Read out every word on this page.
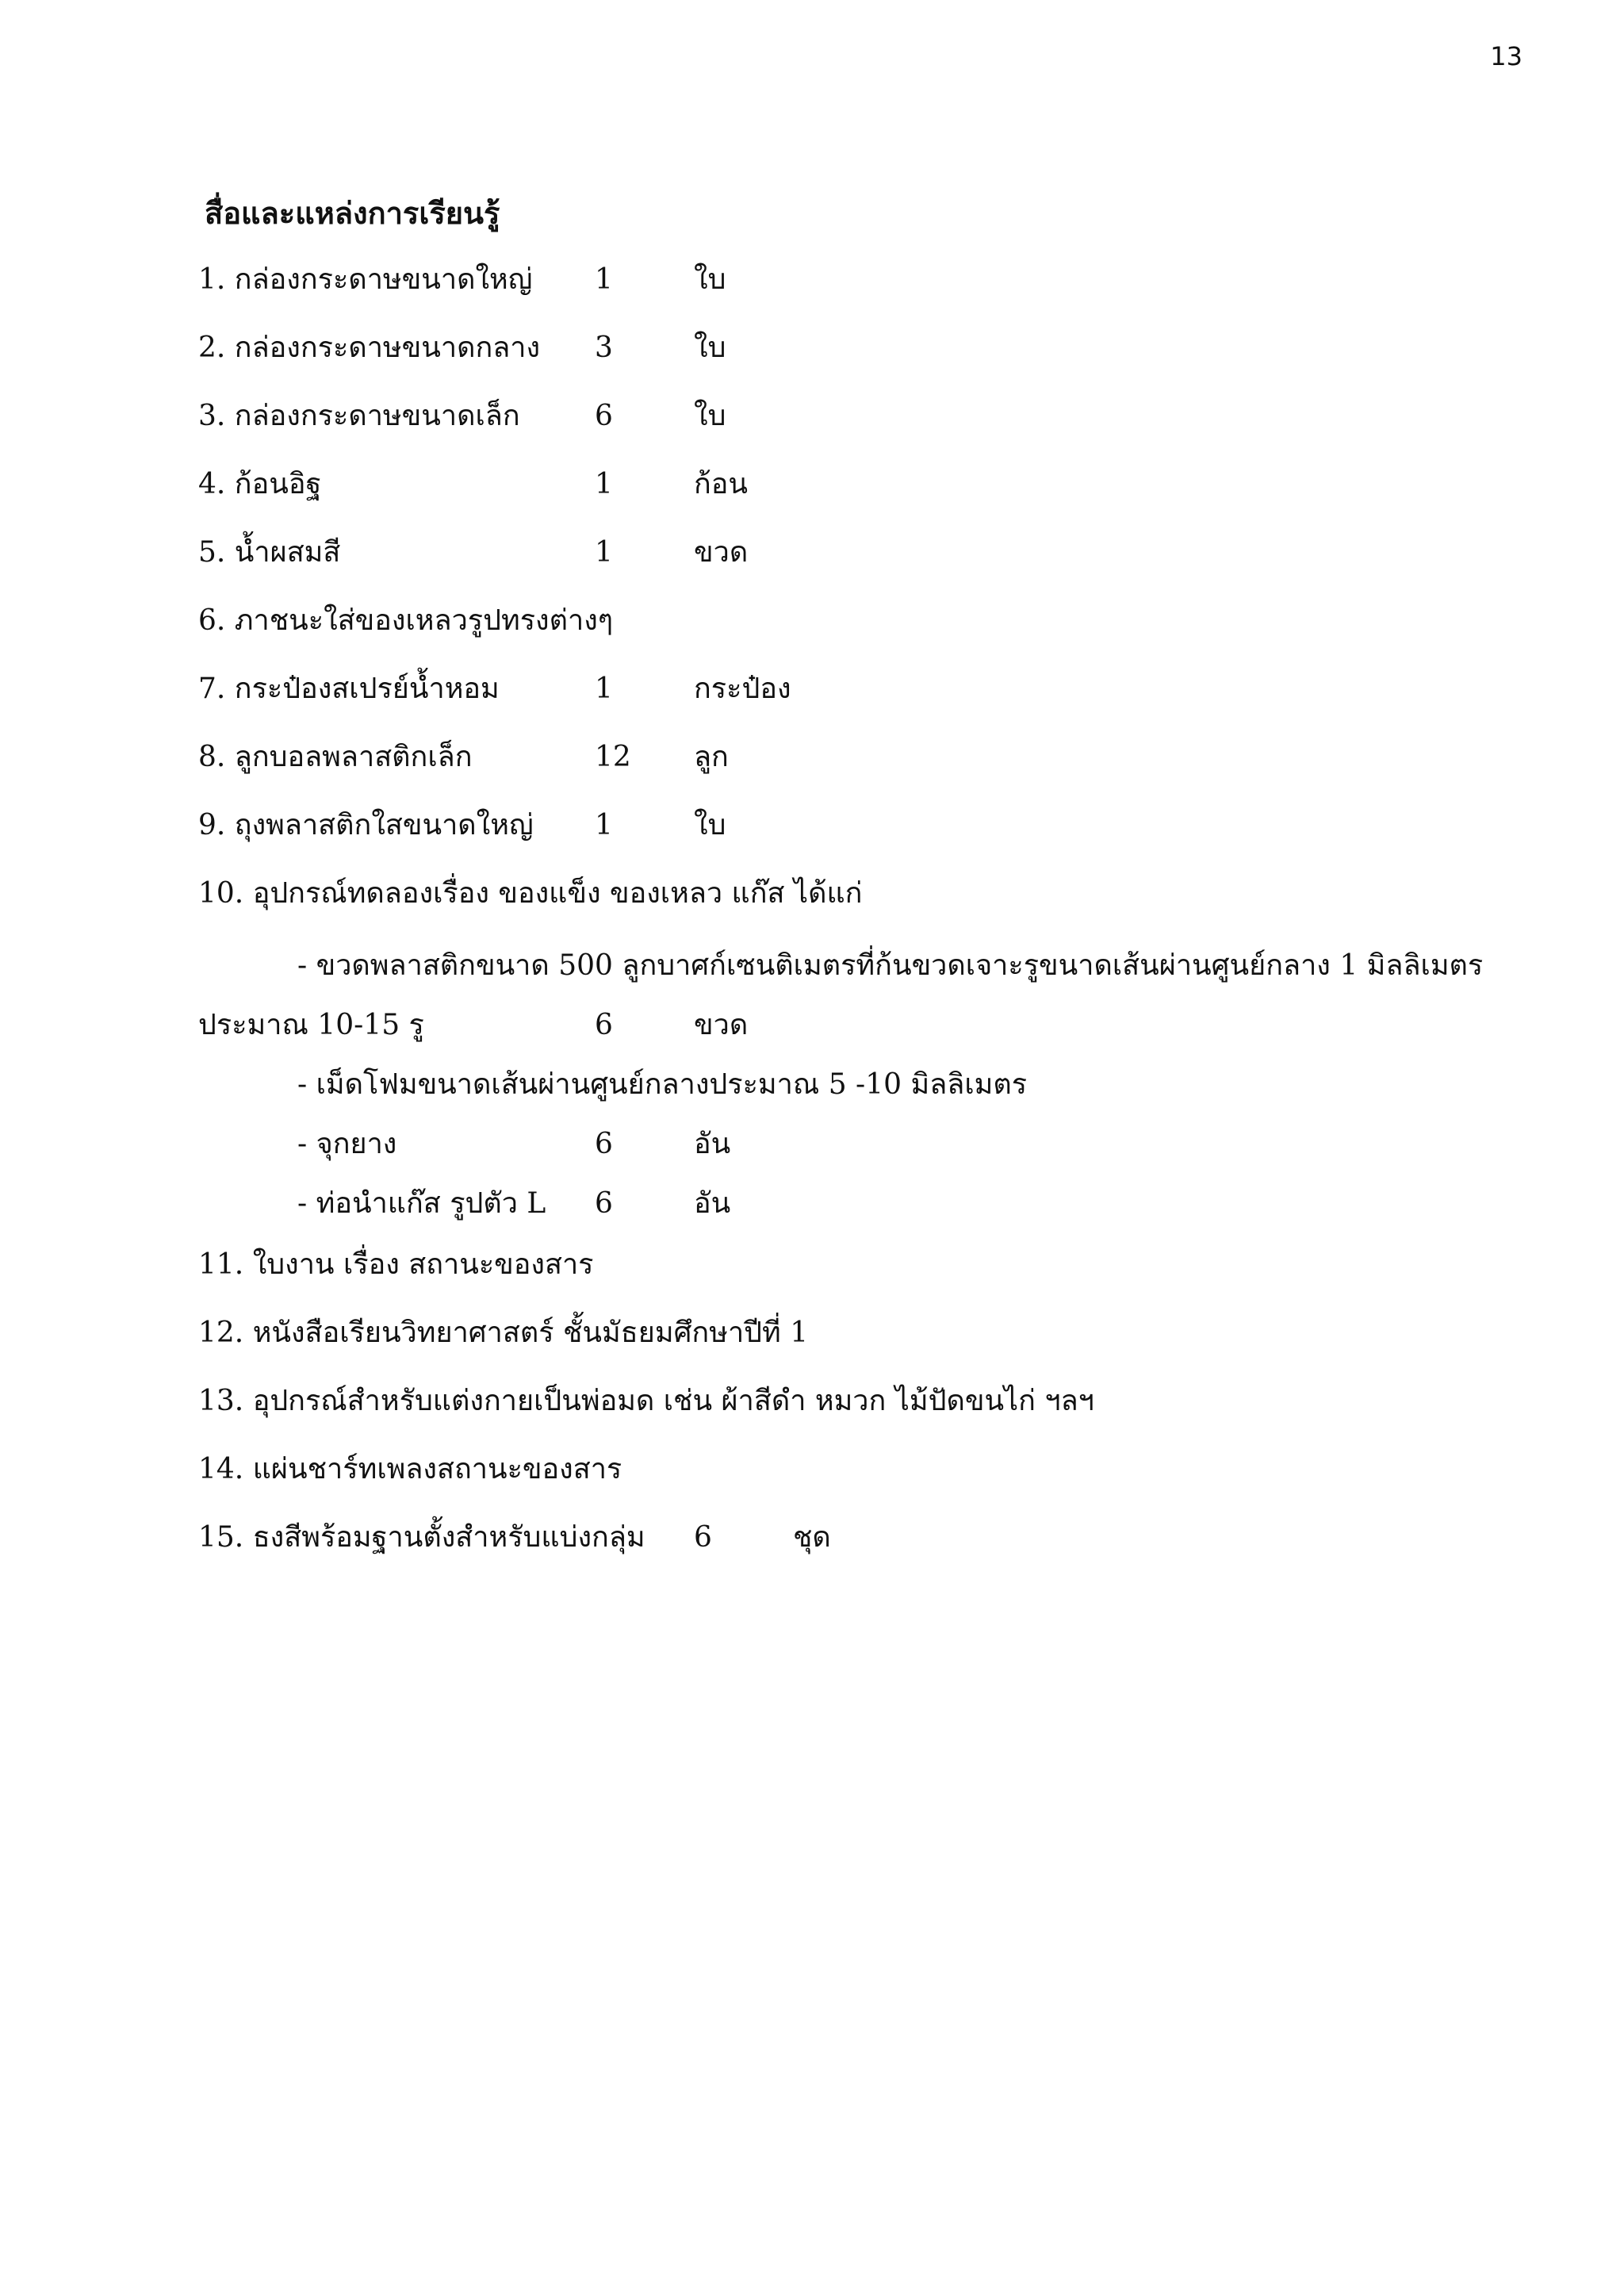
13
สื่อและแหล่งการเรียนรู้
1. กล่องกระดาษขนาดใหญ่ 1	ใบ
2. กล่องกระดาษขนาดกลาง 3	ใบ
3. กล่องกระดาษขนาดเล็ก	6	ใบ
4. ก้อนอิฐ	1	ก้อน
5. น้ำผสมสี	1	ขวด
6. ภาชนะใส่ของเหลวรูปทรงต่างๆ
7. กระป๋องสเปรย์น้ำหอม	1	กระป๋อง
8. ลูกบอลพลาสติกเล็ก	12 ลูก
9. ถุงพลาสติกใสขนาดใหญ่ 1	ใบ
10. อุปกรณ์ทดลองเรื่อง ของแข็ง ของเหลว แก๊ส ได้แก่
- ขวดพลาสติกขนาด 500 ลูกบาศก์เซนติเมตรที่ก้นขวดเจาะรูขนาดเส้นผ่านศูนย์กลาง 1 มิลลิเมตร
ประมาณ 10-15 รู	6	ขวด
- เม็ดโฟมขนาดเส้นผ่านศูนย์กลางประมาณ 5 -10 มิลลิเมตร
- จุกยาง	6	อัน
- ท่อนำแก๊ส รูปตัว L 6	อัน
11. ใบงาน เรื่อง สถานะของสาร
12. หนังสือเรียนวิทยาศาสตร์ ชั้นมัธยมศึกษาปีที่ 1
13. อุปกรณ์สำหรับแต่งกายเป็นพ่อมด เช่น ผ้าสีดำ หมวก ไม้ปัดขนไก่ ฯลฯ
14. แผ่นชาร์ทเพลงสถานะของสาร
15. ธงสีพร้อมฐานตั้งสำหรับแบ่งกลุ่ม 6	ชุด
